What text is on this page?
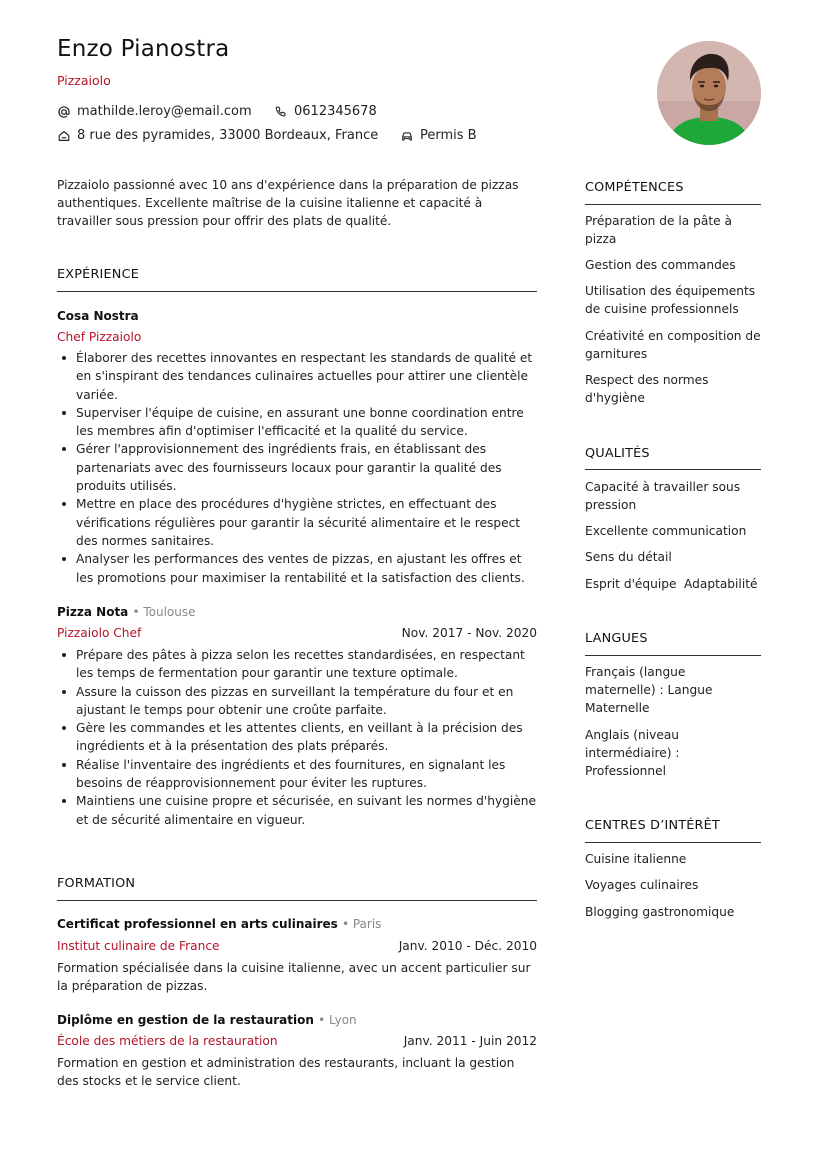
Enzo Pianostra
Pizzaiolo
mathilde.leroy@email.com	0612345678
8 rue des pyramides, 33000 Bordeaux, France	Permis B
Pizzaiolo passionné avec 10 ans d'expérience dans la préparation de pizzas authentiques. Excellente maîtrise de la cuisine italienne et capacité à travailler sous pression pour offrir des plats de qualité.
EXPÉRIENCE
Cosa Nostra
Chef Pizzaiolo
Élaborer des recettes innovantes en respectant les standards de qualité et en s'inspirant des tendances culinaires actuelles pour attirer une clientèle variée.
Superviser l'équipe de cuisine, en assurant une bonne coordination entre les membres afin d'optimiser l'efficacité et la qualité du service.
Gérer l'approvisionnement des ingrédients frais, en établissant des partenariats avec des fournisseurs locaux pour garantir la qualité des produits utilisés.
Mettre en place des procédures d'hygiène strictes, en effectuant des vérifications régulières pour garantir la sécurité alimentaire et le respect des normes sanitaires.
Analyser les performances des ventes de pizzas, en ajustant les offres et les promotions pour maximiser la rentabilité et la satisfaction des clients.
Pizza Nota • Toulouse
Pizzaiolo Chef	Nov. 2017 - Nov. 2020
Prépare des pâtes à pizza selon les recettes standardisées, en respectant les temps de fermentation pour garantir une texture optimale.
Assure la cuisson des pizzas en surveillant la température du four et en ajustant le temps pour obtenir une croûte parfaite.
Gère les commandes et les attentes clients, en veillant à la précision des ingrédients et à la présentation des plats préparés.
Réalise l'inventaire des ingrédients et des fournitures, en signalant les besoins de réapprovisionnement pour éviter les ruptures.
Maintiens une cuisine propre et sécurisée, en suivant les normes d'hygiène et de sécurité alimentaire en vigueur.
FORMATION
Certificat professionnel en arts culinaires • Paris
Institut culinaire de France	Janv. 2010 - Déc. 2010
Formation spécialisée dans la cuisine italienne, avec un accent particulier sur la préparation de pizzas.
Diplôme en gestion de la restauration • Lyon
École des métiers de la restauration	Janv. 2011 - Juin 2012
Formation en gestion et administration des restaurants, incluant la gestion des stocks et le service client.
COMPÉTENCES
Préparation de la pâte à pizza
Gestion des commandes
Utilisation des équipements de cuisine professionnels
Créativité en composition de garnitures
Respect des normes d'hygiène
QUALITÉS
Capacité à travailler sous pression
Excellente communication
Sens du détail
Esprit d'équipe Adaptabilité
LANGUES
Français (langue maternelle) : Langue Maternelle
Anglais (niveau intermédiaire) : Professionnel
CENTRES D’INTÉRÊT
Cuisine italienne
Voyages culinaires
Blogging gastronomique
